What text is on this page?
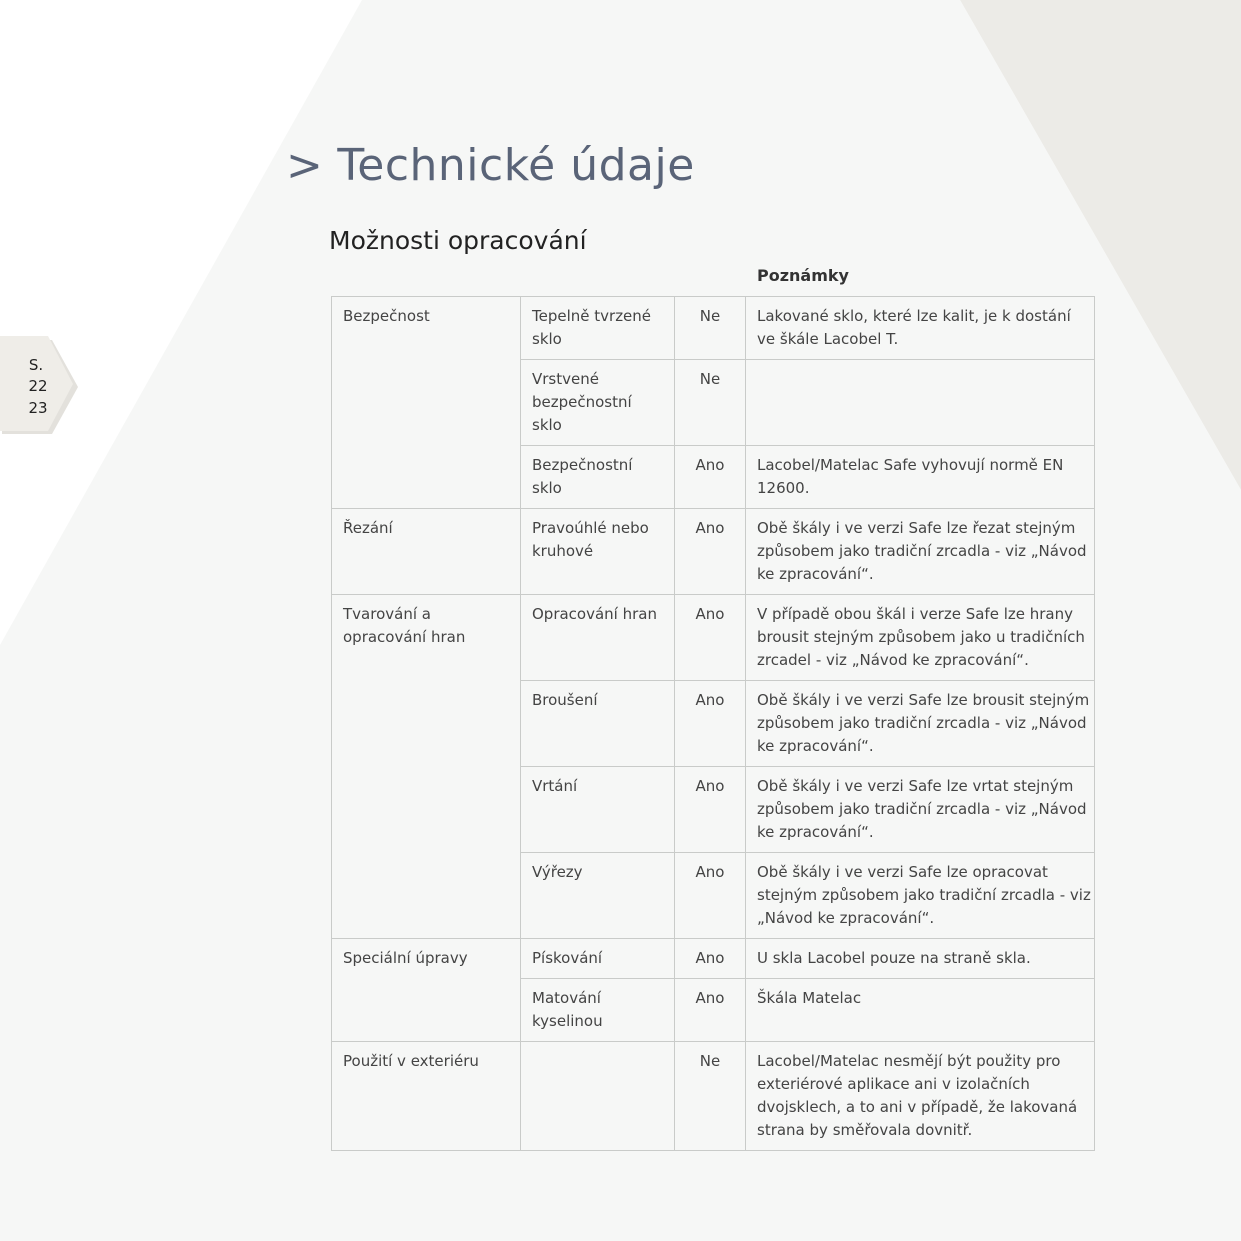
S.
22
23
> Technické údaje
Možnosti opracování
Poznámky
Bezpečnost	Tepelně tvrzené sklo	Ne	Lakované sklo, které lze kalit, je k dostání ve škále Lacobel T.
	Vrstvené bezpečnostní sklo	Ne	
	Bezpečnostní sklo	Ano	Lacobel/Matelac Safe vyhovují normě EN 12600.
Řezání	Pravoúhlé nebo kruhové	Ano	Obě škály i ve verzi Safe lze řezat stejným způsobem jako tradiční zrcadla - viz „Návod ke zpracování“.
Tvarování a opracování hran	Opracování hran	Ano	V případě obou škál i verze Safe lze hrany brousit stejným způsobem jako u tradičních zrcadel - viz „Návod ke zpracování“.
	Broušení	Ano	Obě škály i ve verzi Safe lze brousit stejným způsobem jako tradiční zrcadla - viz „Návod ke zpracování“.
	Vrtání	Ano	Obě škály i ve verzi Safe lze vrtat stejným způsobem jako tradiční zrcadla - viz „Návod ke zpracování“.
	Výřezy	Ano	Obě škály i ve verzi Safe lze opracovat stejným způsobem jako tradiční zrcadla - viz „Návod ke zpracování“.
Speciální úpravy	Pískování	Ano	U skla Lacobel pouze na straně skla.
	Matování kyselinou	Ano	Škála Matelac
Použití v exteriéru		Ne	Lacobel/Matelac nesmějí být použity pro exteriérové aplikace ani v izolačních dvojsklech, a to ani v případě, že lakovaná strana by směřovala dovnitř.
